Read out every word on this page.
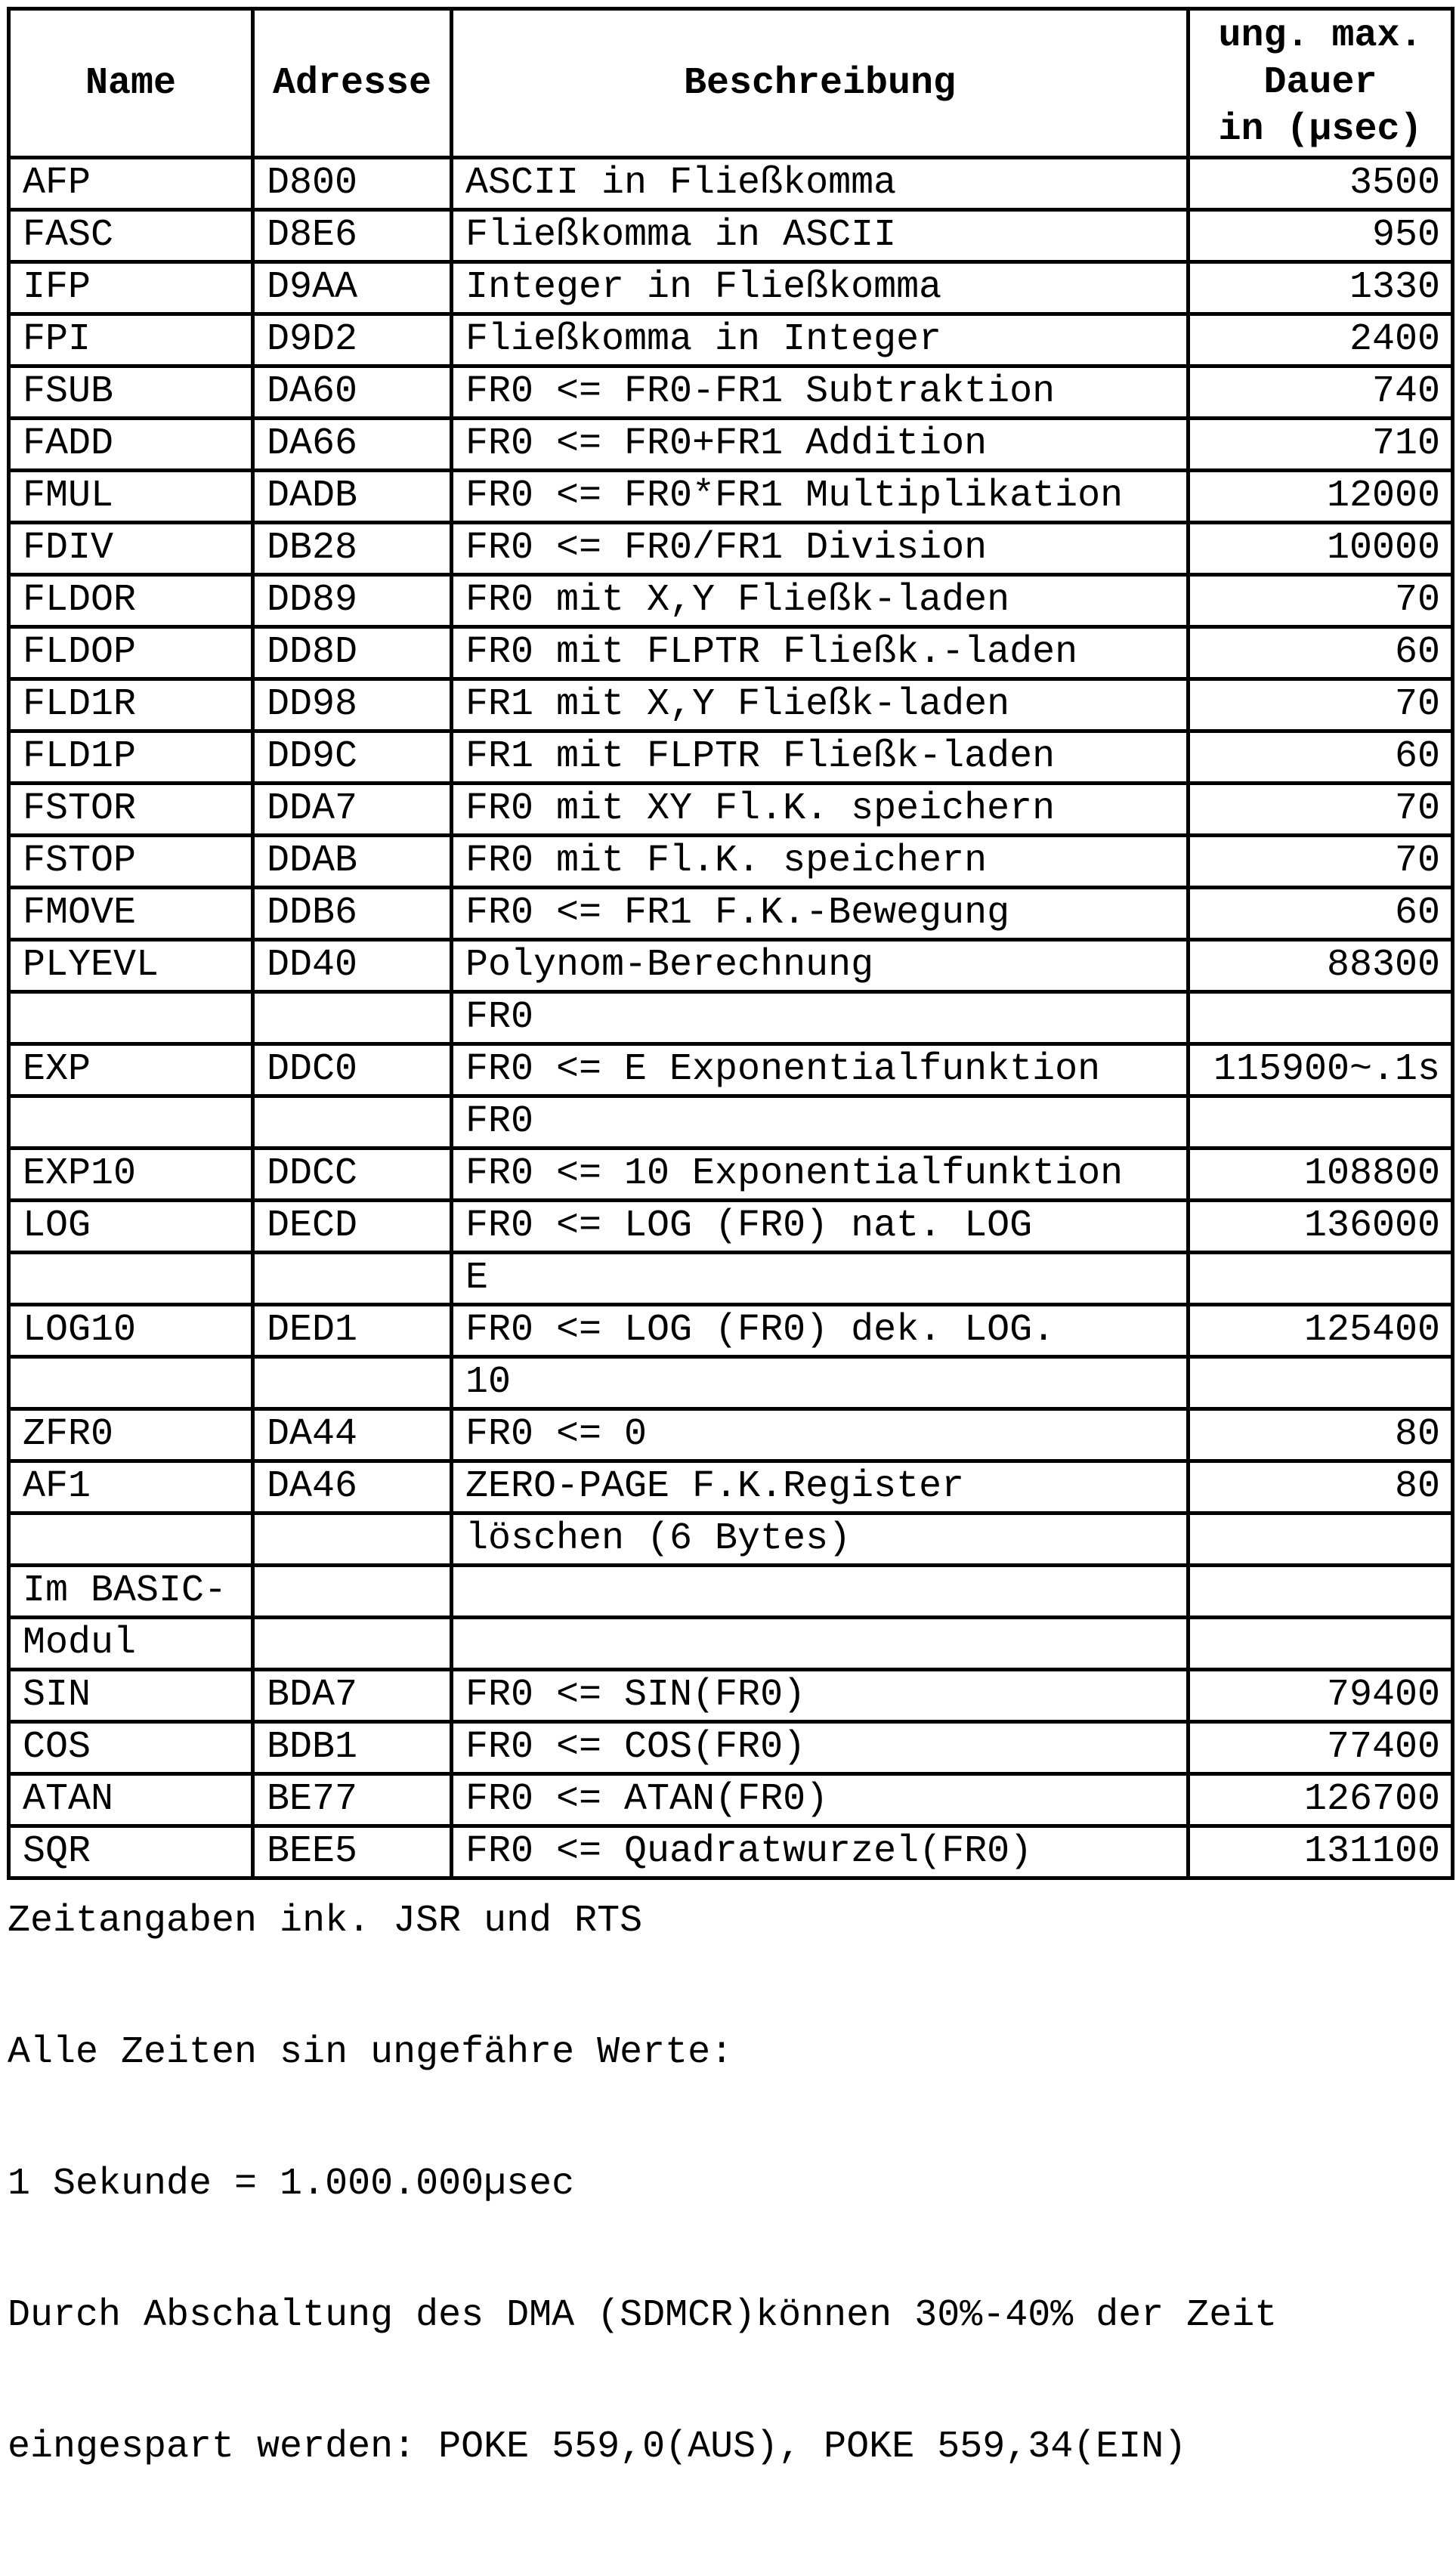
Name	Adresse	Beschreibung	ung. max.
Dauer
in (µsec)

AFP	D800	ASCII in Fließkomma	3500
FASC	D8E6	Fließkomma in ASCII	950
IFP	D9AA	Integer in Fließkomma	1330
FPI	D9D2	Fließkomma in Integer	2400
FSUB	DA60	FR0 <= FR0-FR1 Subtraktion	740
FADD	DA66	FR0 <= FR0+FR1 Addition	710
FMUL	DADB	FR0 <= FR0*FR1 Multiplikation	12000
FDIV	DB28	FR0 <= FR0/FR1 Division	10000
FLDOR	DD89	FR0 mit X,Y Fließk-laden	70
FLDOP	DD8D	FR0 mit FLPTR Fließk.-laden	60
FLD1R	DD98	FR1 mit X,Y Fließk-laden	70
FLD1P	DD9C	FR1 mit FLPTR Fließk-laden	60
FSTOR	DDA7	FR0 mit XY Fl.K. speichern	70
FSTOP	DDAB	FR0 mit Fl.K. speichern	70
FMOVE	DDB6	FR0 <= FR1 F.K.-Bewegung	60
PLYEVL	DD40	Polynom-Berechnung	88300
		FR0	
EXP	DDC0	FR0 <= E Exponentialfunktion	115900~.1s
		FR0	
EXP10	DDCC	FR0 <= 10 Exponentialfunktion	108800
LOG	DECD	FR0 <= LOG (FR0) nat. LOG	136000
		E	
LOG10	DED1	FR0 <= LOG (FR0) dek. LOG.	125400
		10	
ZFR0	DA44	FR0 <= 0	80
AF1	DA46	ZERO-PAGE F.K.Register	80
		löschen (6 Bytes)	
Im BASIC-			
Modul			
SIN	BDA7	FR0 <= SIN(FR0)	79400
COS	BDB1	FR0 <= COS(FR0)	77400
ATAN	BE77	FR0 <= ATAN(FR0)	126700
SQR	BEE5	FR0 <= Quadratwurzel(FR0)	131100

Zeitangaben ink. JSR und RTS

Alle Zeiten sin ungefähre Werte:

1 Sekunde = 1.000.000µsec

Durch Abschaltung des DMA (SDMCR)können 30%-40% der Zeit

eingespart werden: POKE 559,0(AUS), POKE 559,34(EIN)
